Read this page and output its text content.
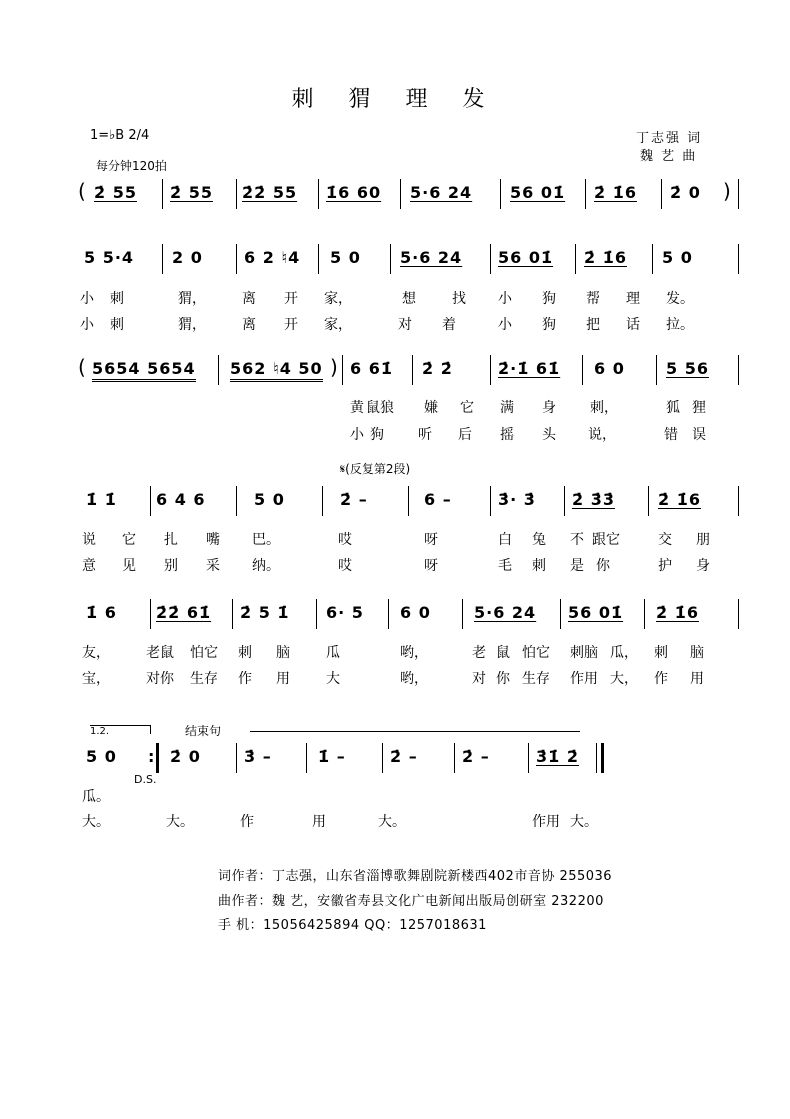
刺 猬 理 发
1=♭B 2/4
每分钟120拍
丁志强 词
魏 艺 曲
( 2̇ 55 2̇ 55 2̇2̇ 55 1̇6 60 5·6 24 56 01̇ 2̇ 1̇6 2̇ 0 )
5 5·4 2 0	6 2 ♮4 5 0 5·6 24 56 01̇ 2̇ 1̇6 5 0
小 刺	猬，	离 开 家，	想	找 小 狗 帮 理 发。
小 刺	猬，	离 开 家，	对 着	小 狗 把 话 拉。
( 5654 5654 562 ♮4 50 ) 6 61̇ 2̇ 2̇	2̇·1̇ 61̇ 6 0	5 56
黄 鼠狼 嫌 它 满 身 刺，	狐 狸
小 狗 听 后 摇 头 说，	错 误
𝄋(反复第2段)
1̇ 1̇ 6 4 6	5 0	2̇ –	6 –	3̇· 3̇ 2̇ 3̇3̇	2̇ 1̇6
说 它 扎 嘴 巴。	哎	呀	白 兔 不 跟它	交 朋
意 见 别 采 纳。	哎	呀	毛 刺 是 你	护 身
1̇ 6 2̇2̇ 61̇ 2̇ 5 1̇ 6· 5 6 0	5·6 24 56 01̇ 2̇ 1̇6
友，	老鼠 怕它 刺 脑	瓜	哟，	老 鼠 怕它 刺脑 瓜， 刺 脑
宝，	对你 生存 作 用	大	哟，	对 你 生存 作用 大， 作 用
1.2.	结束句
5 0 : 2̇ 0	3̇ –	1̇ –	2̇ –	2̇ –	3̇1̇ 2̇
D.S.
瓜。
大。	大。	作	用	大。	作用 大。
词作者：丁志强，山东省淄博歌舞剧院新楼西402市音协 255036
曲作者：魏 艺，安徽省寿县文化广电新闻出版局创研室 232200
手 机：15056425894 QQ：1257018631
